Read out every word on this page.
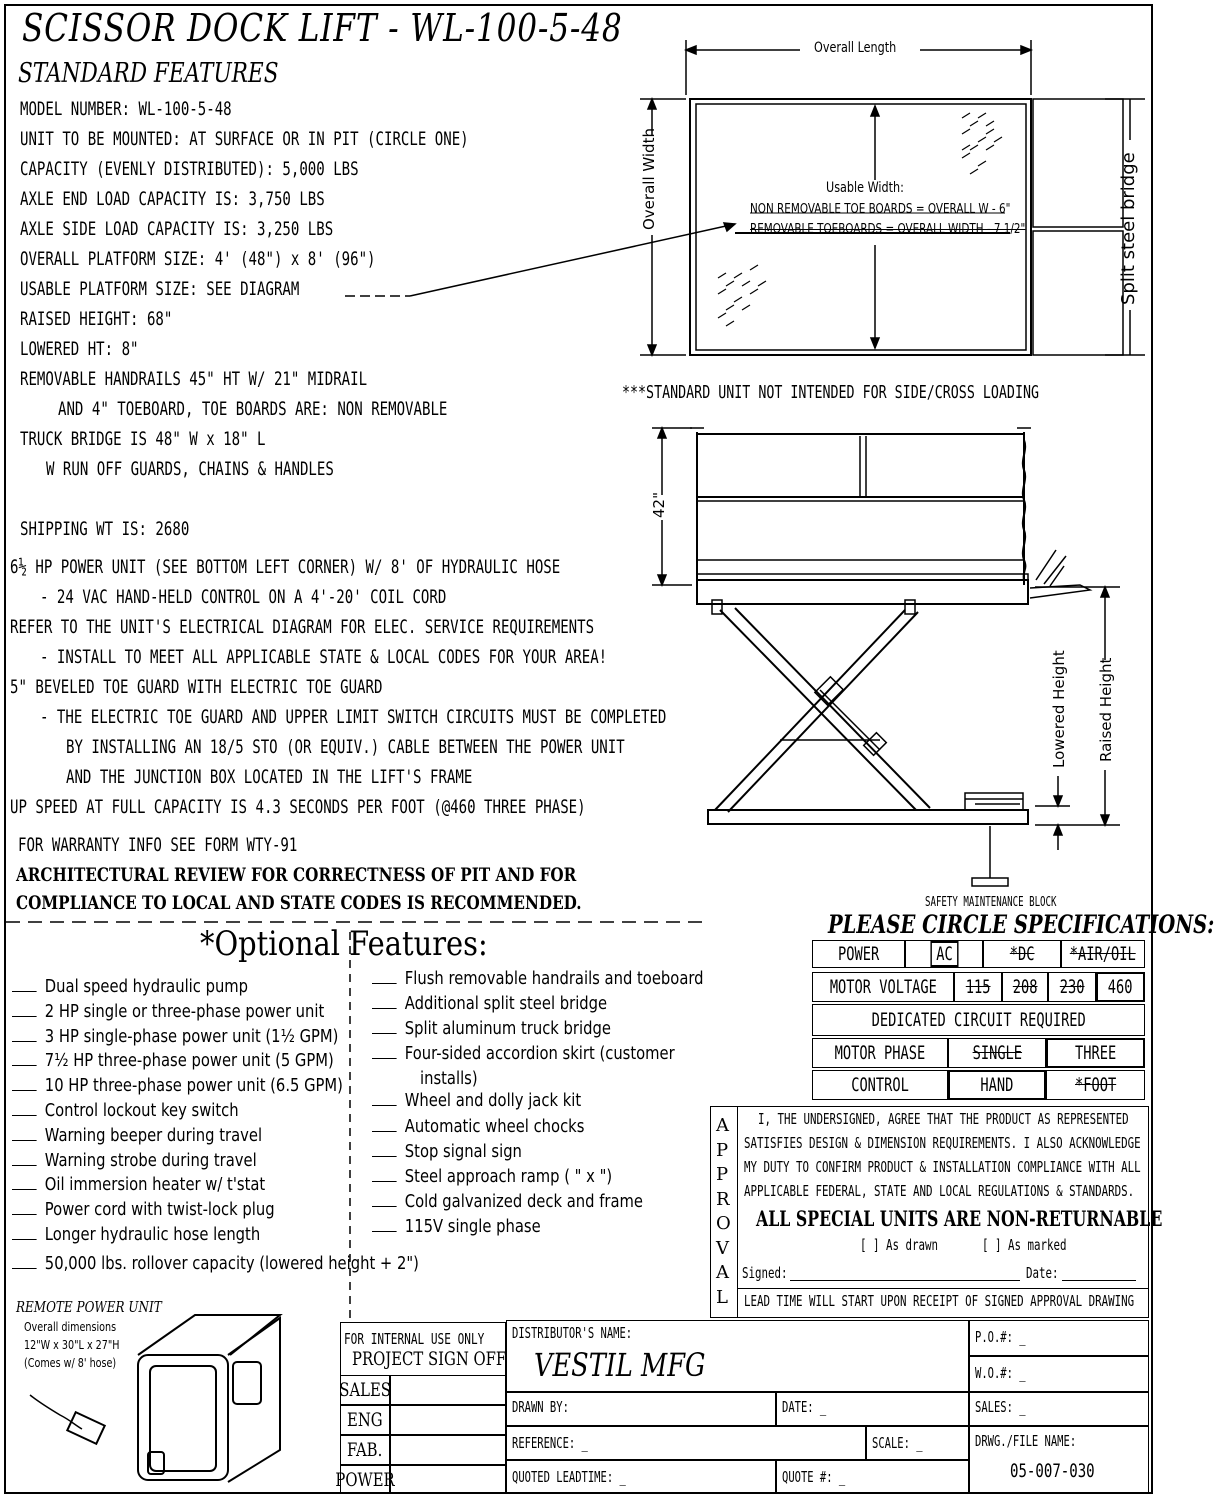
SCISSOR DOCK LIFT - WL-100-5-48
STANDARD FEATURES
MODEL NUMBER: WL-100-5-48
UNIT TO BE MOUNTED: AT SURFACE OR IN PIT (CIRCLE ONE)
CAPACITY (EVENLY DISTRIBUTED): 5,000 LBS
AXLE END LOAD CAPACITY IS: 3,750 LBS
AXLE SIDE LOAD CAPACITY IS: 3,250 LBS
OVERALL PLATFORM SIZE: 4' (48") x 8' (96")
USABLE PLATFORM SIZE: SEE DIAGRAM
RAISED HEIGHT: 68"
LOWERED HT: 8"
REMOVABLE HANDRAILS 45" HT W/ 21" MIDRAIL
AND 4" TOEBOARD, TOE BOARDS ARE: NON REMOVABLE
TRUCK BRIDGE IS 48" W x 18" L
W RUN OFF GUARDS, CHAINS & HANDLES
SHIPPING WT IS: 2680
6½ HP POWER UNIT (SEE BOTTOM LEFT CORNER) W/ 8' OF HYDRAULIC HOSE
- 24 VAC HAND-HELD CONTROL ON A 4'-20' COIL CORD
REFER TO THE UNIT'S ELECTRICAL DIAGRAM FOR ELEC. SERVICE REQUIREMENTS
- INSTALL TO MEET ALL APPLICABLE STATE & LOCAL CODES FOR YOUR AREA!
5" BEVELED TOE GUARD WITH ELECTRIC TOE GUARD
- THE ELECTRIC TOE GUARD AND UPPER LIMIT SWITCH CIRCUITS MUST BE COMPLETED
BY INSTALLING AN 18/5 STO (OR EQUIV.) CABLE BETWEEN THE POWER UNIT
AND THE JUNCTION BOX LOCATED IN THE LIFT'S FRAME
UP SPEED AT FULL CAPACITY IS 4.3 SECONDS PER FOOT (@460 THREE PHASE)
FOR WARRANTY INFO SEE FORM WTY-91
ARCHITECTURAL REVIEW FOR CORRECTNESS OF PIT AND FOR
COMPLIANCE TO LOCAL AND STATE CODES IS RECOMMENDED.
Overall Length
Overall Width	Split steel bridge
Usable Width:
NON REMOVABLE TOE BOARDS = OVERALL W - 6"
REMOVABLE TOEBOARDS = OVERALL WIDTH - 7 1/2"
***STANDARD UNIT NOT INTENDED FOR SIDE/CROSS LOADING
42"
Lowered Height Raised Height
SAFETY MAINTENANCE BLOCK
*Optional Features:
Dual speed hydraulic pump
2 HP single or three-phase power unit
3 HP single-phase power unit (1½ GPM)
7½ HP three-phase power unit (5 GPM)
10 HP three-phase power unit (6.5 GPM)
Control lockout key switch
Warning beeper during travel
Warning strobe during travel
Oil immersion heater w/ t'stat
Power cord with twist-lock plug
Longer hydraulic hose length
50,000 lbs. rollover capacity (lowered height + 2")
Flush removable handrails and toeboard
Additional split steel bridge
Split aluminum truck bridge
Four-sided accordion skirt (customer
installs)
Wheel and dolly jack kit
Automatic wheel chocks
Stop signal sign
Steel approach ramp ( " x ")
Cold galvanized deck and frame
115V single phase
PLEASE CIRCLE SPECIFICATIONS:
POWER	AC	*DC *AIR/OIL
MOTOR VOLTAGE 115 208 230 460
DEDICATED CIRCUIT REQUIRED
MOTOR PHASE SINGLE	THREE
CONTROL	HAND	*FOOT
APPROVAL
I, THE UNDERSIGNED, AGREE THAT THE PRODUCT AS REPRESENTED
SATISFIES DESIGN & DIMENSION REQUIREMENTS. I ALSO ACKNOWLEDGE
MY DUTY TO CONFIRM PRODUCT & INSTALLATION COMPLIANCE WITH ALL
APPLICABLE FEDERAL, STATE AND LOCAL REGULATIONS & STANDARDS.
ALL SPECIAL UNITS ARE NON-RETURNABLE
[ ] As drawn	[ ] As marked
Signed:	Date:
LEAD TIME WILL START UPON RECEIPT OF SIGNED APPROVAL DRAWING
REMOTE POWER UNIT
Overall dimensions
12"W x 30"L x 27"H
(Comes w/ 8' hose)
FOR INTERNAL USE ONLY
PROJECT SIGN OFF
SALES
ENG
FAB.
POWER
DISTRIBUTOR'S NAME:
VESTIL MFG
P.O.#: _
W.O.#: _
DRAWN BY:	DATE: _	SALES: _
REFERENCE: _	SCALE: _	DRWG./FILE NAME:
05-007-030
QUOTED LEADTIME: _	QUOTE #: _
